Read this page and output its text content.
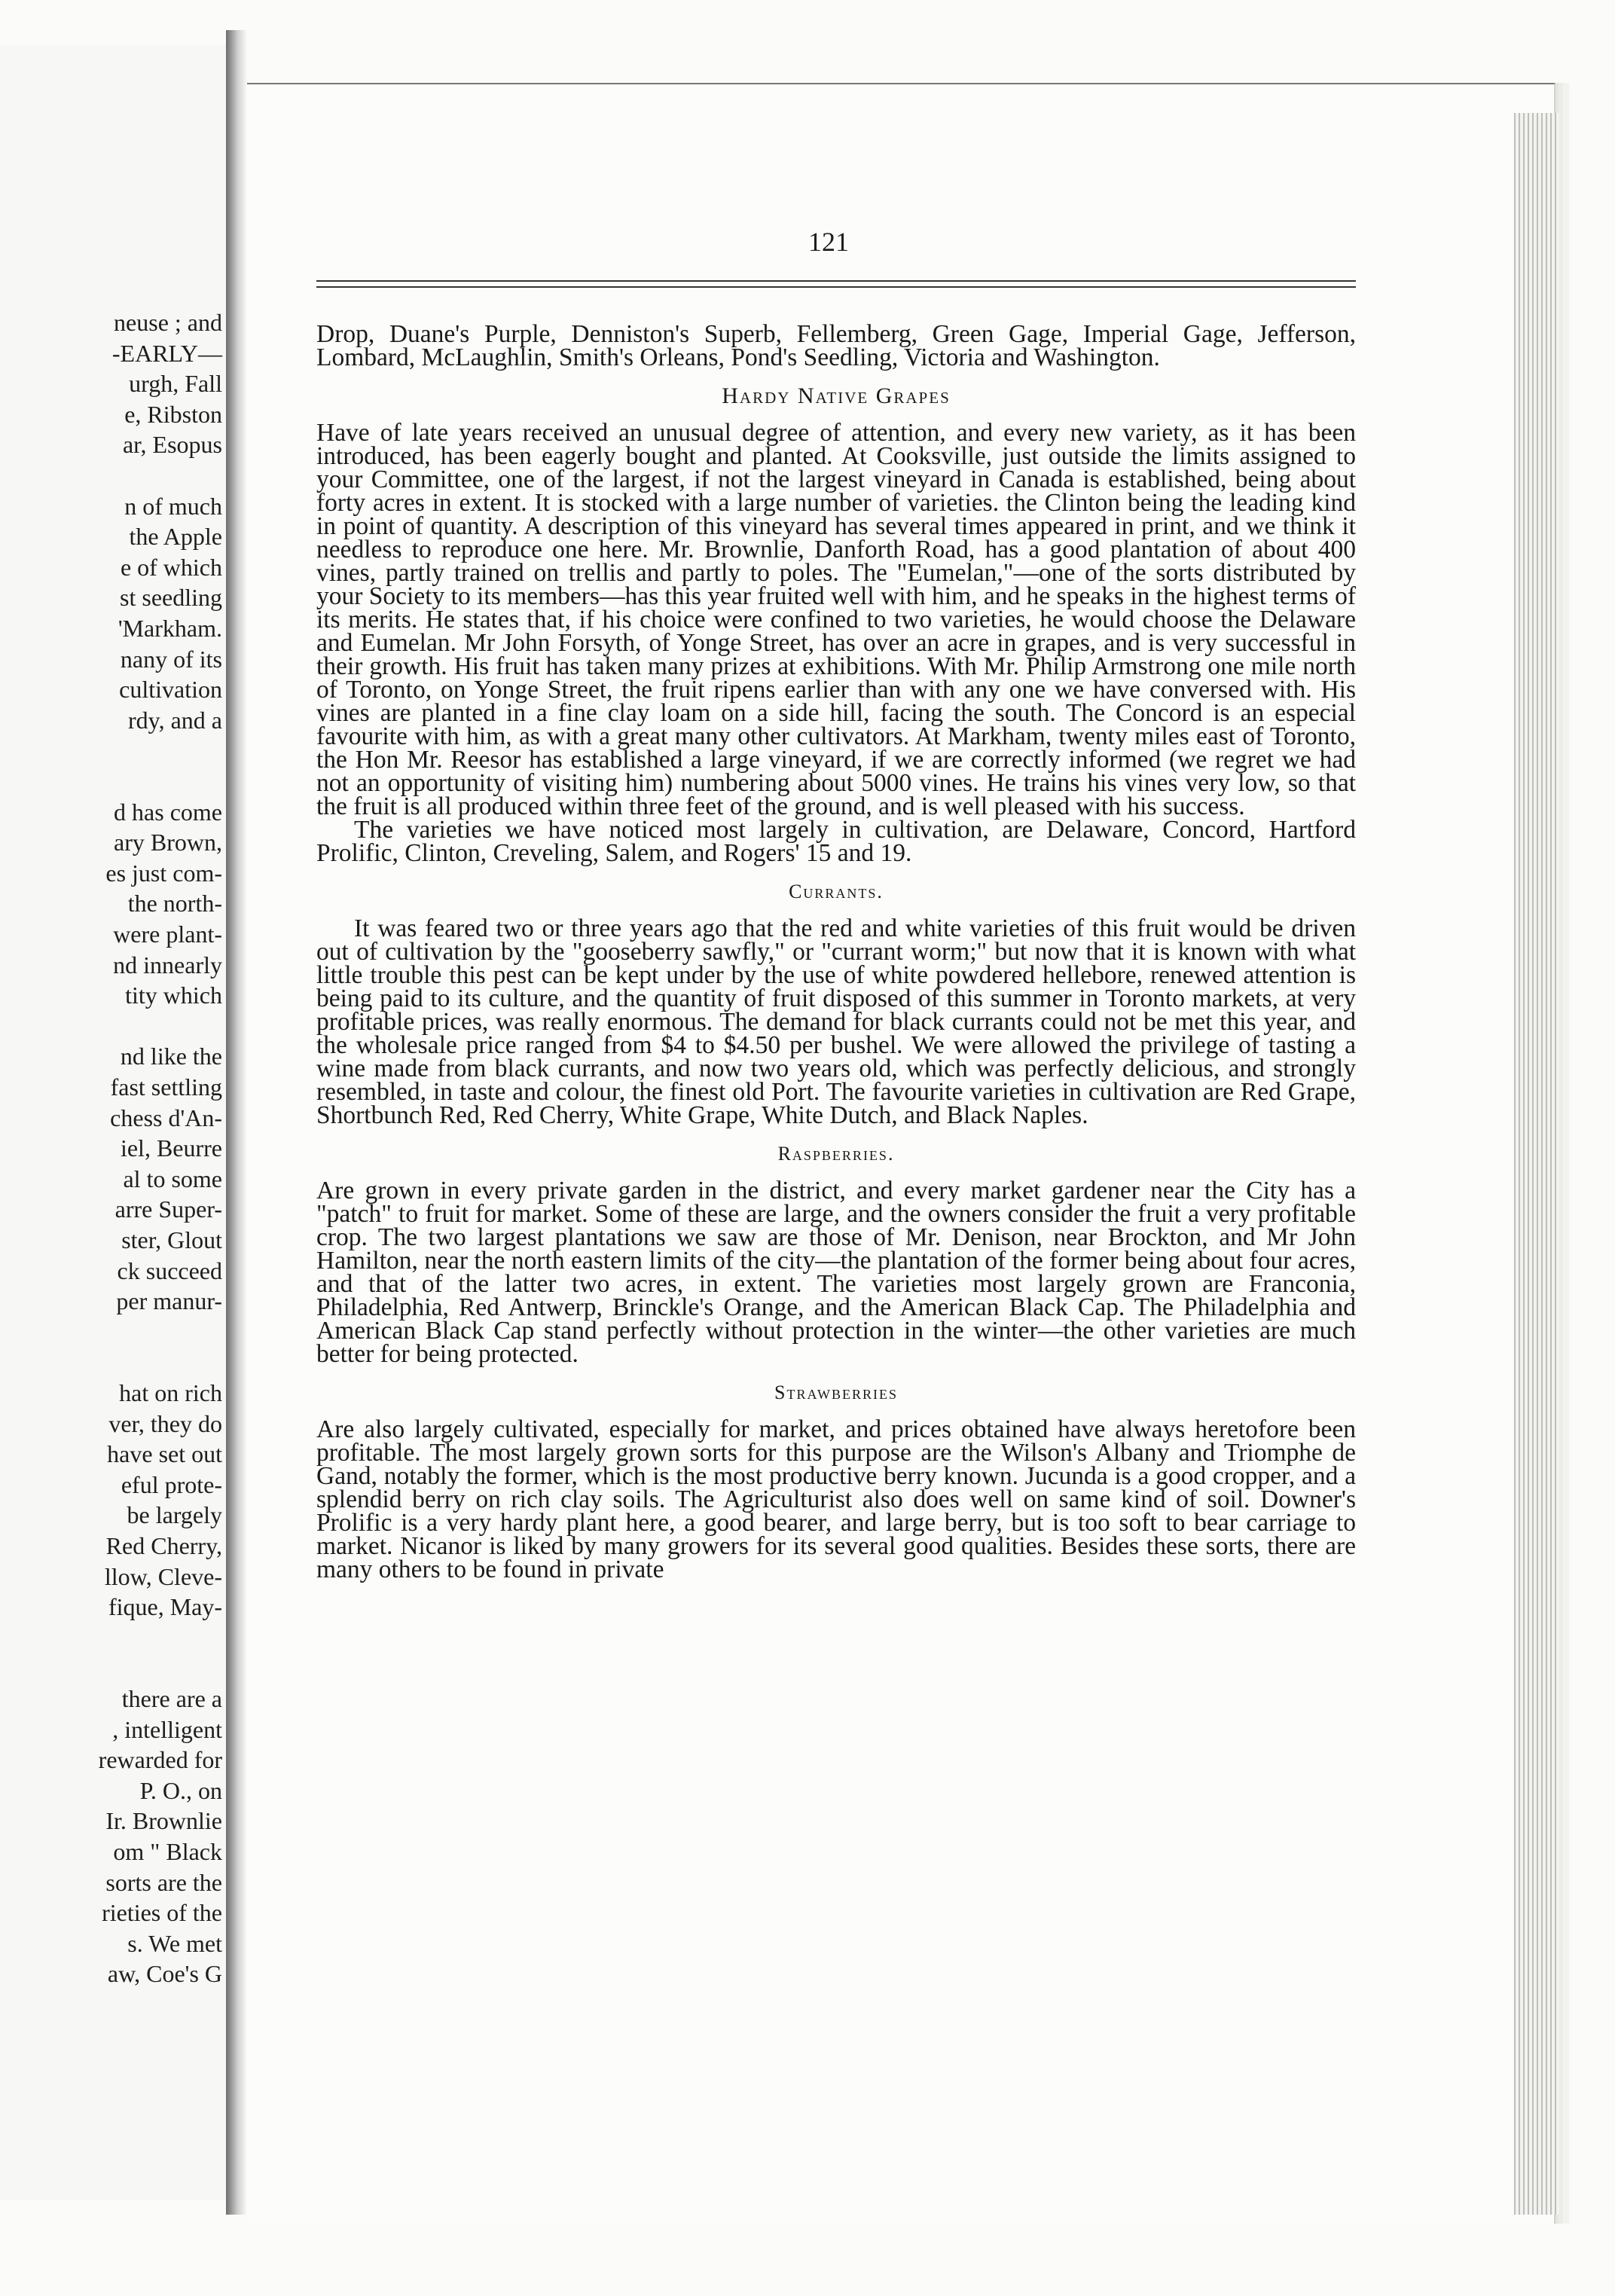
neuse ; and
-EARLY—
urgh, Fall
e, Ribston
ar, Esopus
n of much
the Apple
e of which
st seedling
'Markham.
nany of its
cultivation
rdy, and a
d has come
ary Brown,
es just com-
the north-
were plant-
nd innearly
tity which
nd like the
fast settling
chess d'An-
iel, Beurre
al to some
arre Super-
ster, Glout
ck succeed
per manur-
hat on rich
ver, they do
have set out
eful prote-
be largely
Red Cherry,
llow, Cleve-
fique, May-
there are a
, intelligent
rewarded for
P. O., on
Ir. Brownlie
om " Black
sorts are the
rieties of the
s. We met
aw, Coe's G
121

Drop, Duane's Purple, Denniston's Superb, Fellemberg, Green Gage, Imperial Gage, Jefferson, Lombard, McLaughlin, Smith's Orleans, Pond's Seedling, Victoria and Washington.

Hardy Native Grapes

Have of late years received an unusual degree of attention, and every new variety, as it has been introduced, has been eagerly bought and planted. At Cooksville, just outside the limits assigned to your Committee, one of the largest, if not the largest vineyard in Canada is established, being about forty acres in extent. It is stocked with a large number of varieties. the Clinton being the leading kind in point of quantity. A description of this vineyard has several times appeared in print, and we think it needless to reproduce one here. Mr. Brownlie, Danforth Road, has a good plantation of about 400 vines, partly trained on trellis and partly to poles. The "Eumelan,"—one of the sorts distributed by your Society to its members—has this year fruited well with him, and he speaks in the highest terms of its merits. He states that, if his choice were confined to two varieties, he would choose the Delaware and Eumelan. Mr John Forsyth, of Yonge Street, has over an acre in grapes, and is very successful in their growth. His fruit has taken many prizes at exhibitions. With Mr. Philip Armstrong one mile north of Toronto, on Yonge Street, the fruit ripens earlier than with any one we have conversed with. His vines are planted in a fine clay loam on a side hill, facing the south. The Concord is an especial favourite with him, as with a great many other cultivators. At Markham, twenty miles east of Toronto, the Hon Mr. Reesor has established a large vineyard, if we are correctly informed (we regret we had not an opportunity of visiting him) numbering about 5000 vines. He trains his vines very low, so that the fruit is all produced within three feet of the ground, and is well pleased with his success.

The varieties we have noticed most largely in cultivation, are Delaware, Concord, Hartford Prolific, Clinton, Creveling, Salem, and Rogers' 15 and 19.

Currants.

It was feared two or three years ago that the red and white varieties of this fruit would be driven out of cultivation by the "gooseberry sawfly," or "currant worm;" but now that it is known with what little trouble this pest can be kept under by the use of white powdered hellebore, renewed attention is being paid to its culture, and the quantity of fruit disposed of this summer in Toronto markets, at very profitable prices, was really enormous. The demand for black currants could not be met this year, and the wholesale price ranged from $4 to $4.50 per bushel. We were allowed the privilege of tasting a wine made from black currants, and now two years old, which was perfectly delicious, and strongly resembled, in taste and colour, the finest old Port. The favourite varieties in cultivation are Red Grape, Shortbunch Red, Red Cherry, White Grape, White Dutch, and Black Naples.

Raspberries.

Are grown in every private garden in the district, and every market gardener near the City has a "patch" to fruit for market. Some of these are large, and the owners consider the fruit a very profitable crop. The two largest plantations we saw are those of Mr. Denison, near Brockton, and Mr John Hamilton, near the north eastern limits of the city—the plantation of the former being about four acres, and that of the latter two acres, in extent. The varieties most largely grown are Franconia, Philadelphia, Red Antwerp, Brinckle's Orange, and the American Black Cap. The Philadelphia and American Black Cap stand perfectly without protection in the winter—the other varieties are much better for being protected.

Strawberries

Are also largely cultivated, especially for market, and prices obtained have always heretofore been profitable. The most largely grown sorts for this purpose are the Wilson's Albany and Triomphe de Gand, notably the former, which is the most productive berry known. Jucunda is a good cropper, and a splendid berry on rich clay soils. The Agriculturist also does well on same kind of soil. Downer's Prolific is a very hardy plant here, a good bearer, and large berry, but is too soft to bear carriage to market. Nicanor is liked by many growers for its several good qualities. Besides these sorts, there are many others to be found in private
